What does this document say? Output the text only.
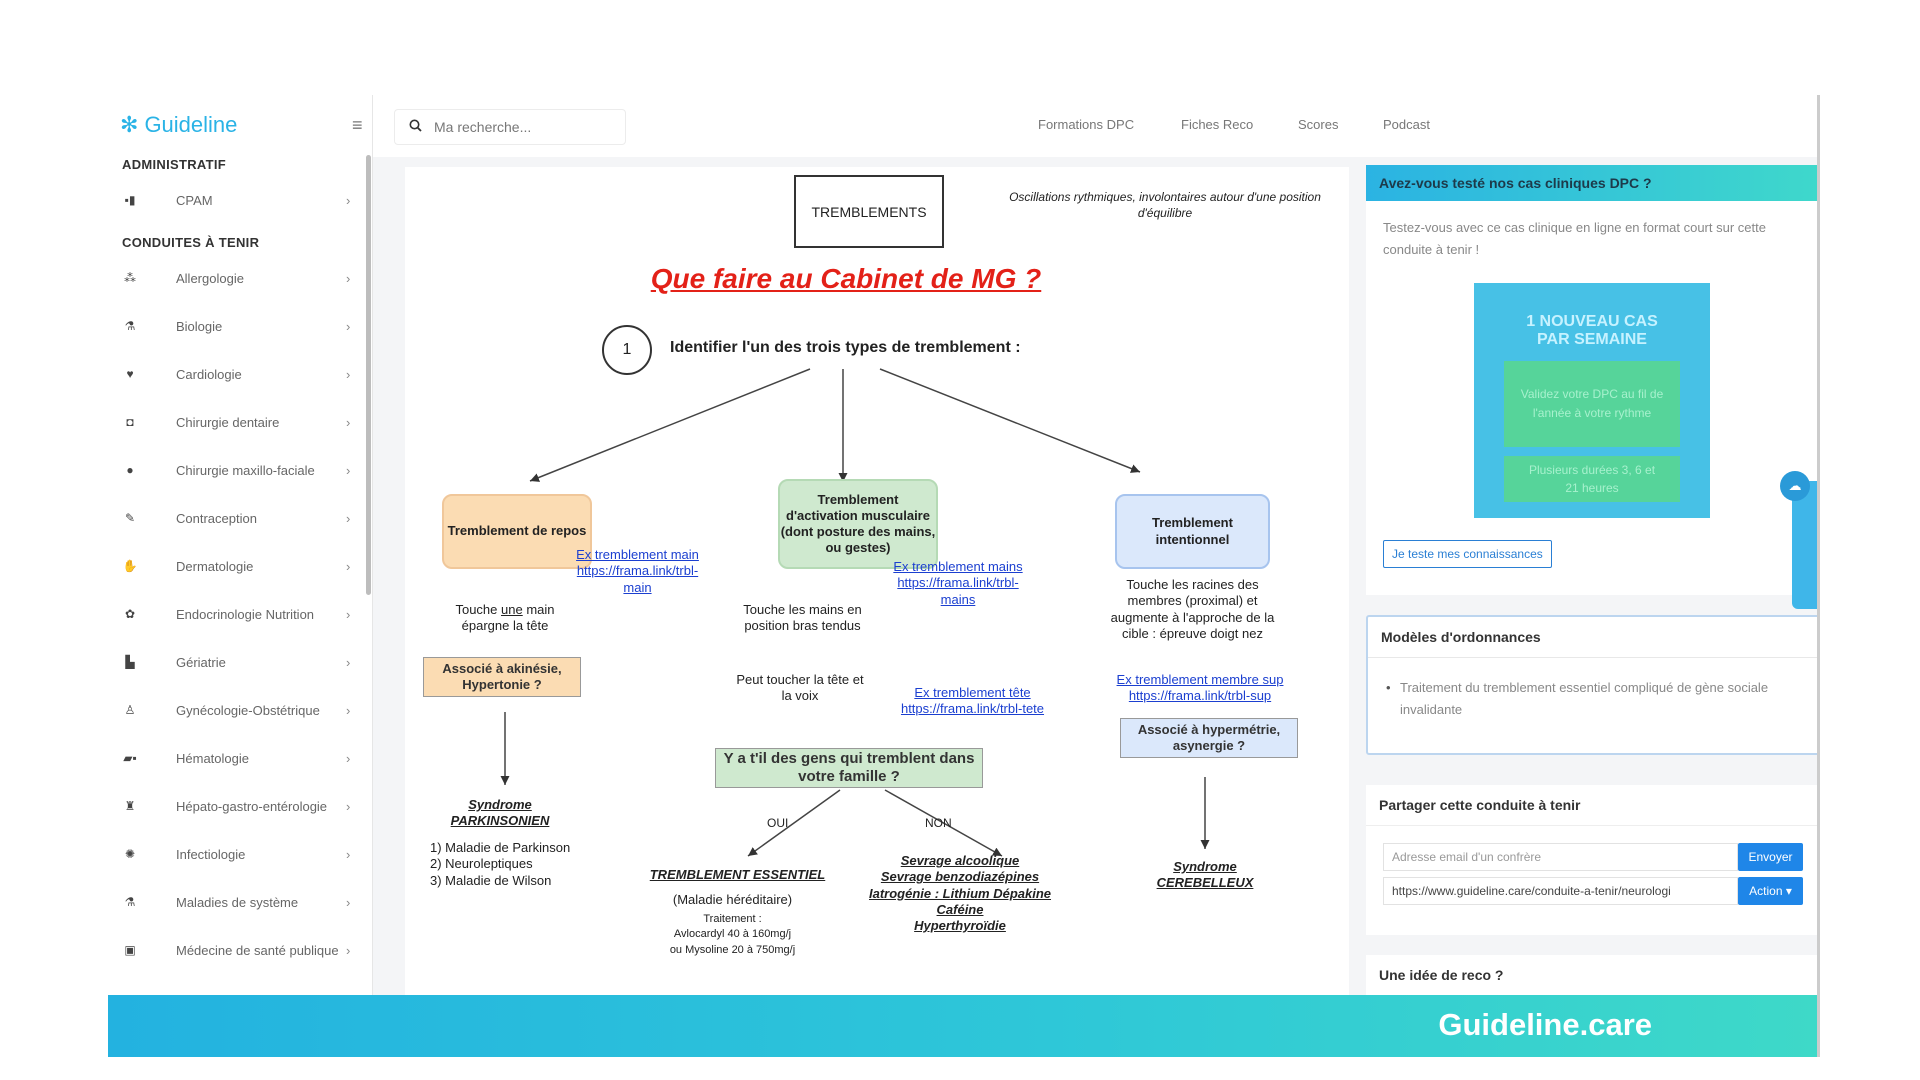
✻ Guideline	≡
ADMINISTRATIF
▪▮	CPAM	›
CONDUITES À TENIR
⁂	Allergologie	›
⚗	Biologie	›
♥	Cardiologie	›
◘	Chirurgie dentaire	›
●	Chirurgie maxillo-faciale	›
✎	Contraception	›
✋	Dermatologie	›
✿	Endocrinologie Nutrition	›
▙	Gériatrie	›
♙	Gynécologie-Obstétrique	›
▰▪	Hématologie	›
♜	Hépato-gastro-entérologie	›
✺	Infectiologie	›
⚗	Maladies de système	›
▣	Médecine de santé publique ›
Ma recherche...
Formations DPC	Fiches Reco	Scores	Podcast
TREMBLEMENTS
Oscillations rythmiques, involontaires autour d'une position d'équilibre
Que faire au Cabinet de MG ?
1	Identifier l'un des trois types de tremblement :
Tremblement de repos
Tremblement d'activation musculaire (dont posture des mains, ou gestes)
Tremblement intentionnel
Touche une main épargne la tête
Ex tremblement main https://frama.link/trbl-main
Associé à akinésie, Hypertonie ?
Syndrome PARKINSONIEN
1) Maladie de Parkinson
2) Neuroleptiques
3) Maladie de Wilson
Touche les mains en position bras tendus
Ex tremblement mains https://frama.link/trbl-mains
Peut toucher la tête et la voix	Ex tremblement tête
https://frama.link/trbl-tete
Y a t'il des gens qui tremblent dans votre famille ?
OUI	NON
TREMBLEMENT ESSENTIEL
(Maladie héréditaire)
Traitement :
Avlocardyl 40 à 160mg/j
ou Mysoline 20 à 750mg/j
Sevrage alcoolique
Sevrage benzodiazépines
Iatrogénie : Lithium Dépakine
Caféine
Hyperthyroïdie
Touche les racines des membres (proximal) et augmente à l'approche de la cible : épreuve doigt nez
Ex tremblement membre sup
https://frama.link/trbl-sup
Associé à hypermétrie, asynergie ?
Syndrome CEREBELLEUX
Avez-vous testé nos cas cliniques DPC ?
Testez-vous avec ce cas clinique en ligne en format court sur cette conduite à tenir !
1 NOUVEAU CAS PAR SEMAINE
Validez votre DPC au fil de l'année à votre rythme
Plusieurs durées 3, 6 et 21 heures
Je teste mes connaissances
☁
Modèles d'ordonnances
• Traitement du tremblement essentiel compliqué de gène sociale invalidante
Partager cette conduite à tenir
Adresse email d'un confrère	Envoyer
https://www.guideline.care/conduite-a-tenir/neurologi	Action ▾
Une idée de reco ?
Guideline.care
